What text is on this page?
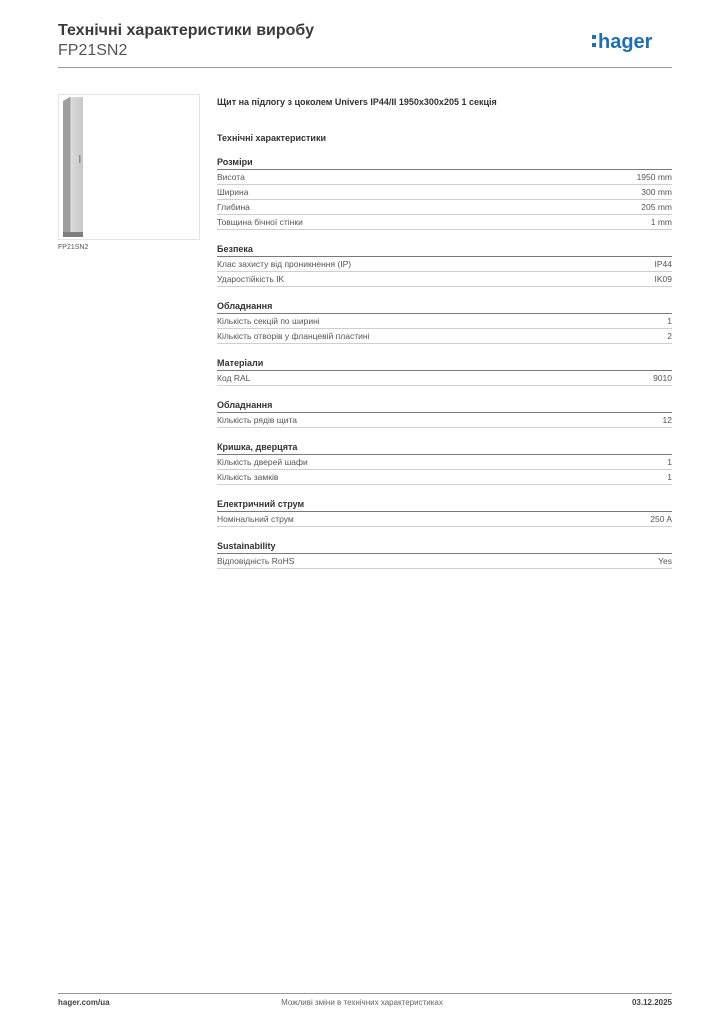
Технічні характеристики виробу
FP21SN2	hager
FP21SN2
Щит на підлогу з цоколем Univers IP44/II 1950x300x205 1 секція
Технічні характеристики
Розміри
Висота	1950 mm
Ширина	300 mm
Глибина	205 mm
Товщина бічної стінки	1 mm
Безпека
Клас захисту від проникнення (IP)	IP44
Ударостійкість IK	IK09
Обладнання
Кількість секцій по ширині	1
Кількість отворів у фланцевій пластині	2
Матеріали
Код RAL	9010
Обладнання
Кількість рядів щита	12
Кришка, дверцята
Кількість дверей шафи	1
Кількість замків	1
Електричний струм
Номінальний струм	250 A
Sustainability
Відповідність RoHS	Yes
Можливі зміни в технічних характеристиках
hager.com/ua	03.12.2025
